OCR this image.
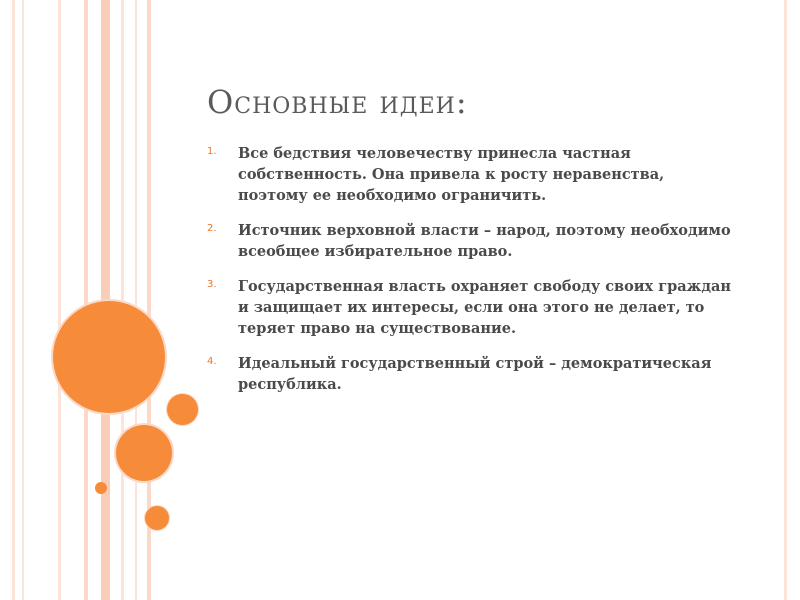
Основные идеи:
1. Все бедствия человечеству принесла частная собственность. Она привела к росту неравенства, поэтому ее необходимо ограничить.
2. Источник верховной власти – народ, поэтому необходимо всеобщее избирательное право.
3. Государственная власть охраняет свободу своих граждан и защищает их интересы, если она этого не делает, то теряет право на существование.
4. Идеальный государственный строй – демократическая республика.
